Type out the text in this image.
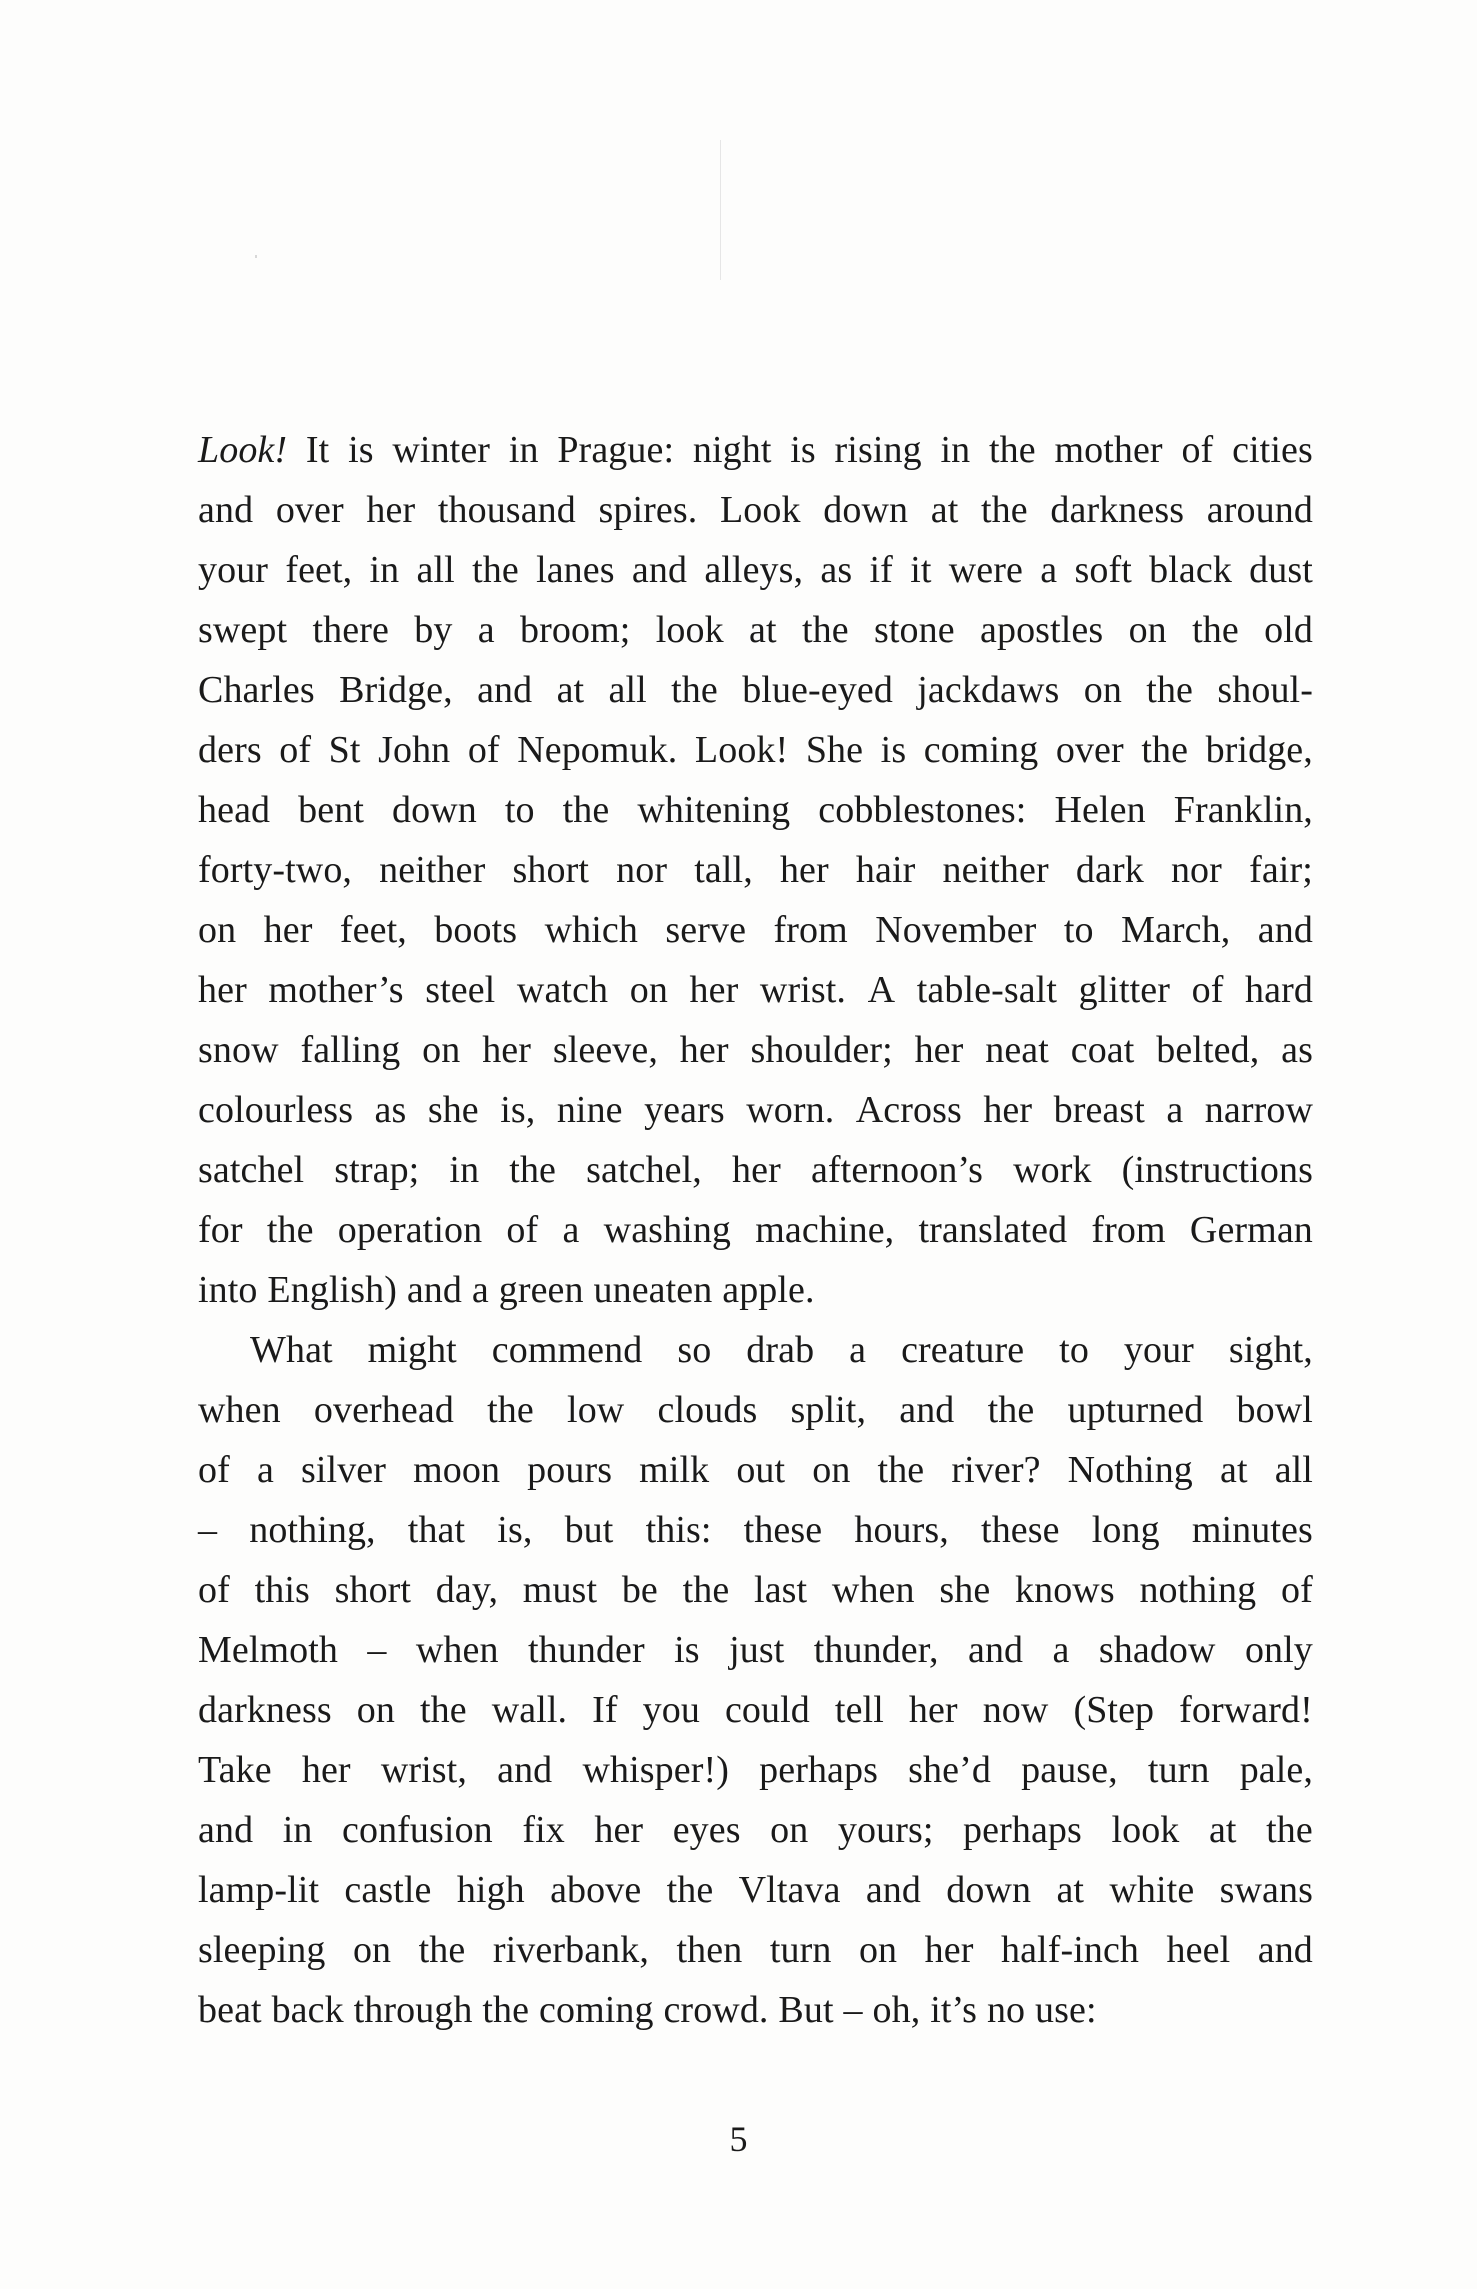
Look! It is winter in Prague: night is rising in the mother of cities
and over her thousand spires. Look down at the darkness around
your feet, in all the lanes and alleys, as if it were a soft black dust
swept there by a broom; look at the stone apostles on the old
Charles Bridge, and at all the blue-eyed jackdaws on the shoul-
ders of St John of Nepomuk. Look! She is coming over the bridge,
head bent down to the whitening cobblestones: Helen Franklin,
forty-two, neither short nor tall, her hair neither dark nor fair;
on her feet, boots which serve from November to March, and
her mother’s steel watch on her wrist. A table-salt glitter of hard
snow falling on her sleeve, her shoulder; her neat coat belted, as
colourless as she is, nine years worn. Across her breast a narrow
satchel strap; in the satchel, her afternoon’s work (instructions
for the operation of a washing machine, translated from German
into English) and a green uneaten apple.
What might commend so drab a creature to your sight,
when overhead the low clouds split, and the upturned bowl
of a silver moon pours milk out on the river? Nothing at all
– nothing, that is, but this: these hours, these long minutes
of this short day, must be the last when she knows nothing of
Melmoth – when thunder is just thunder, and a shadow only
darkness on the wall. If you could tell her now (Step forward!
Take her wrist, and whisper!) perhaps she’d pause, turn pale,
and in confusion fix her eyes on yours; perhaps look at the
lamp-lit castle high above the Vltava and down at white swans
sleeping on the riverbank, then turn on her half-inch heel and
beat back through the coming crowd. But – oh, it’s no use:
5
